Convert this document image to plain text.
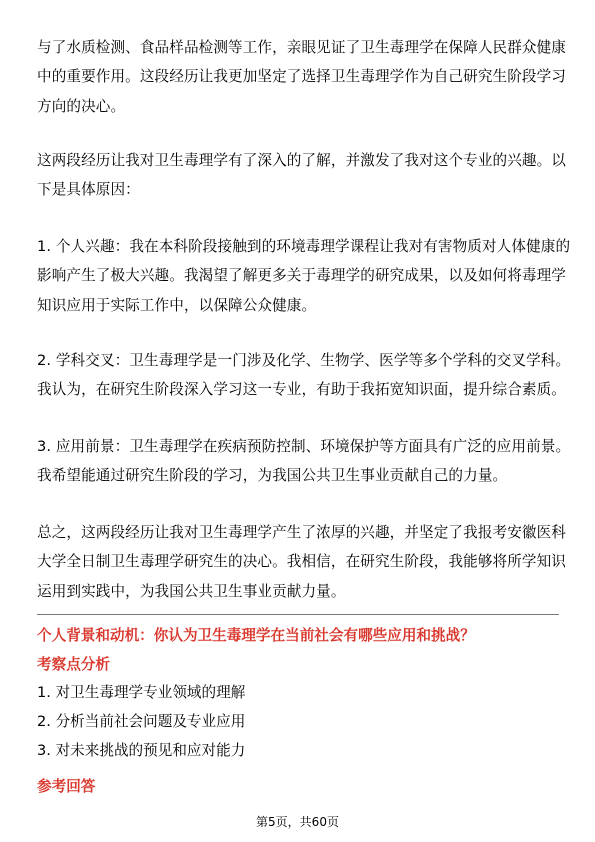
与了水质检测、食品样品检测等工作，亲眼见证了卫生毒理学在保障人民群众健康
中的重要作用。这段经历让我更加坚定了选择卫生毒理学作为自己研究生阶段学习
方向的决心。
这两段经历让我对卫生毒理学有了深入的了解，并激发了我对这个专业的兴趣。以
下是具体原因：
1. 个人兴趣：我在本科阶段接触到的环境毒理学课程让我对有害物质对人体健康的
影响产生了极大兴趣。我渴望了解更多关于毒理学的研究成果，以及如何将毒理学
知识应用于实际工作中，以保障公众健康。
2. 学科交叉：卫生毒理学是一门涉及化学、生物学、医学等多个学科的交叉学科。
我认为，在研究生阶段深入学习这一专业，有助于我拓宽知识面，提升综合素质。
3. 应用前景：卫生毒理学在疾病预防控制、环境保护等方面具有广泛的应用前景。
我希望能通过研究生阶段的学习，为我国公共卫生事业贡献自己的力量。
总之，这两段经历让我对卫生毒理学产生了浓厚的兴趣，并坚定了我报考安徽医科
大学全日制卫生毒理学研究生的决心。我相信，在研究生阶段，我能够将所学知识
运用到实践中，为我国公共卫生事业贡献力量。

个人背景和动机：你认为卫生毒理学在当前社会有哪些应用和挑战？

考察点分析

1. 对卫生毒理学专业领域的理解

2. 分析当前社会问题及专业应用

3. 对未来挑战的预见和应对能力

参考回答

第5页，共60页
